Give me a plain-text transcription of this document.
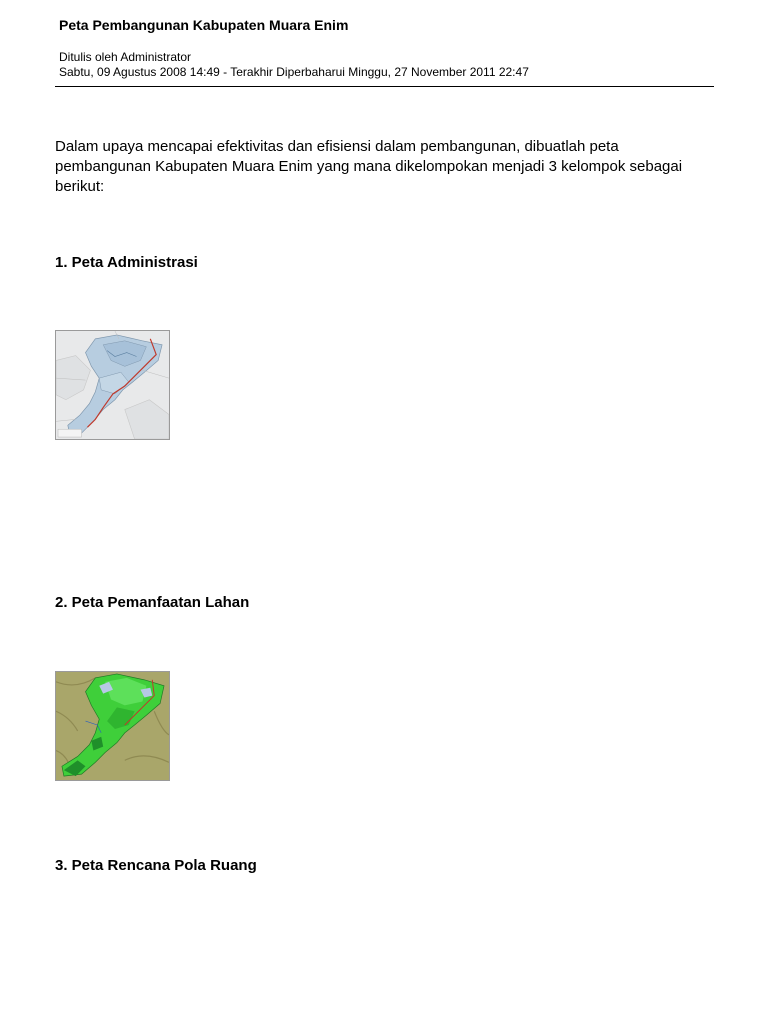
Peta Pembangunan Kabupaten Muara Enim
Ditulis oleh Administrator
Sabtu, 09 Agustus 2008 14:49 - Terakhir Diperbaharui Minggu, 27 November 2011 22:47
Dalam upaya mencapai efektivitas dan efisiensi dalam pembangunan, dibuatlah peta pembangunan Kabupaten Muara Enim yang mana dikelompokan menjadi 3 kelompok sebagai berikut:
1. Peta Administrasi
2. Peta Pemanfaatan Lahan
3. Peta Rencana Pola Ruang
